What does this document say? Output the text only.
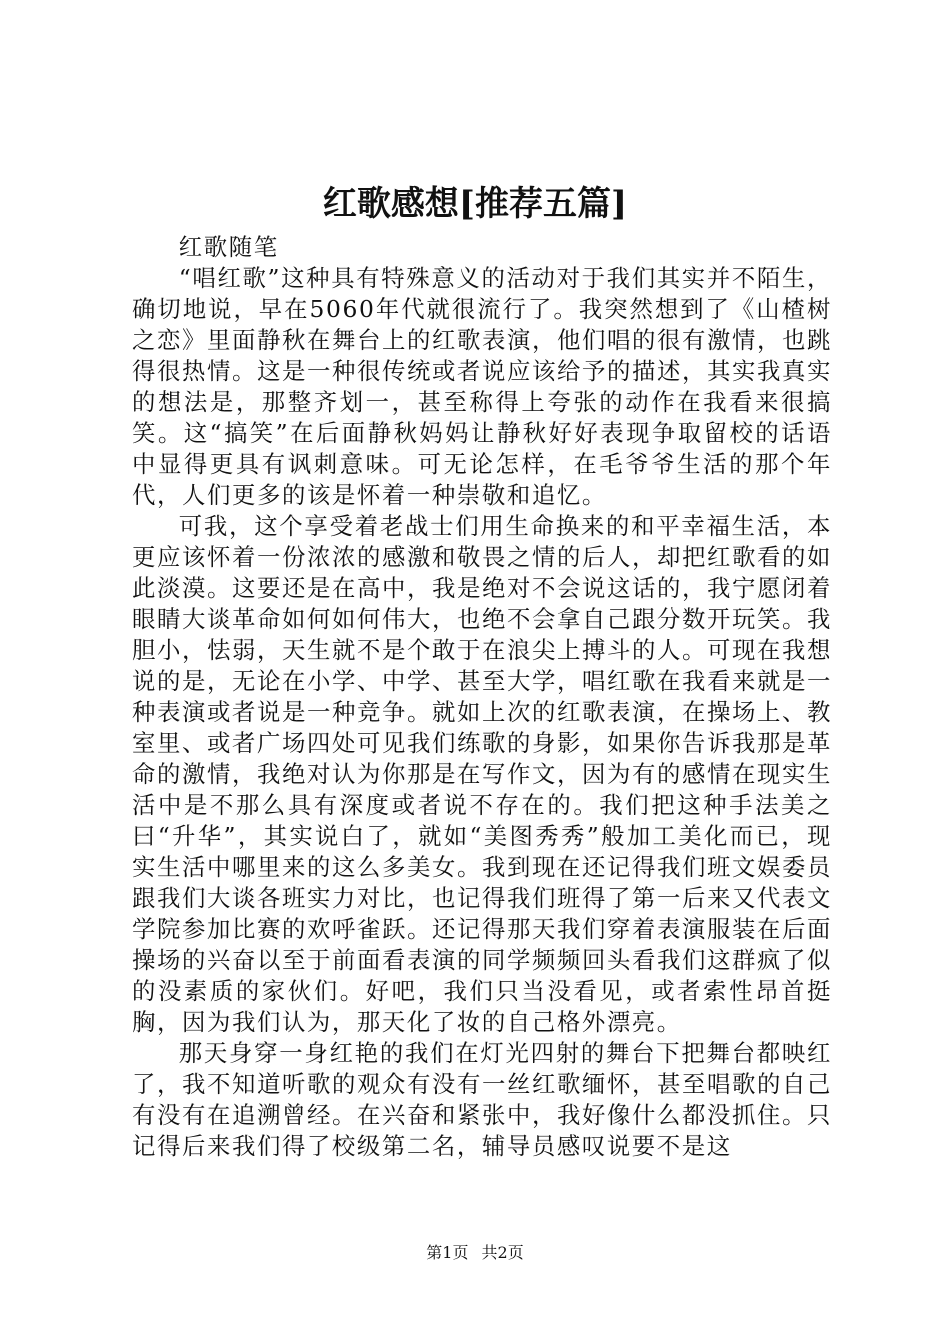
红歌感想[推荐五篇]

红歌随笔

“唱红歌”这种具有特殊意义的活动对于我们其实并不陌生，确切地说，早在5060年代就很流行了。我突然想到了《山楂树之恋》里面静秋在舞台上的红歌表演，他们唱的很有激情，也跳得很热情。这是一种很传统或者说应该给予的描述，其实我真实的想法是，那整齐划一，甚至称得上夸张的动作在我看来很搞笑。这“搞笑”在后面静秋妈妈让静秋好好表现争取留校的话语中显得更具有讽刺意味。可无论怎样，在毛爷爷生活的那个年代，人们更多的该是怀着一种崇敬和追忆。

可我，这个享受着老战士们用生命换来的和平幸福生活，本更应该怀着一份浓浓的感激和敬畏之情的后人，却把红歌看的如此淡漠。这要还是在高中，我是绝对不会说这话的，我宁愿闭着眼睛大谈革命如何如何伟大，也绝不会拿自己跟分数开玩笑。我胆小，怯弱，天生就不是个敢于在浪尖上搏斗的人。可现在我想说的是，无论在小学、中学、甚至大学，唱红歌在我看来就是一种表演或者说是一种竞争。就如上次的红歌表演，在操场上、教室里、或者广场四处可见我们练歌的身影，如果你告诉我那是革命的激情，我绝对认为你那是在写作文，因为有的感情在现实生活中是不那么具有深度或者说不存在的。我们把这种手法美之曰“升华”，其实说白了，就如“美图秀秀”般加工美化而已，现实生活中哪里来的这么多美女。我到现在还记得我们班文娱委员跟我们大谈各班实力对比，也记得我们班得了第一后来又代表文学院参加比赛的欢呼雀跃。还记得那天我们穿着表演服装在后面操场的兴奋以至于前面看表演的同学频频回头看我们这群疯了似的没素质的家伙们。好吧，我们只当没看见，或者索性昂首挺胸，因为我们认为，那天化了妆的自己格外漂亮。

那天身穿一身红艳的我们在灯光四射的舞台下把舞台都映红了，我不知道听歌的观众有没有一丝红歌缅怀，甚至唱歌的自己有没有在追溯曾经。在兴奋和紧张中，我好像什么都没抓住。只记得后来我们得了校级第二名，辅导员感叹说要不是这

第1页 共2页
